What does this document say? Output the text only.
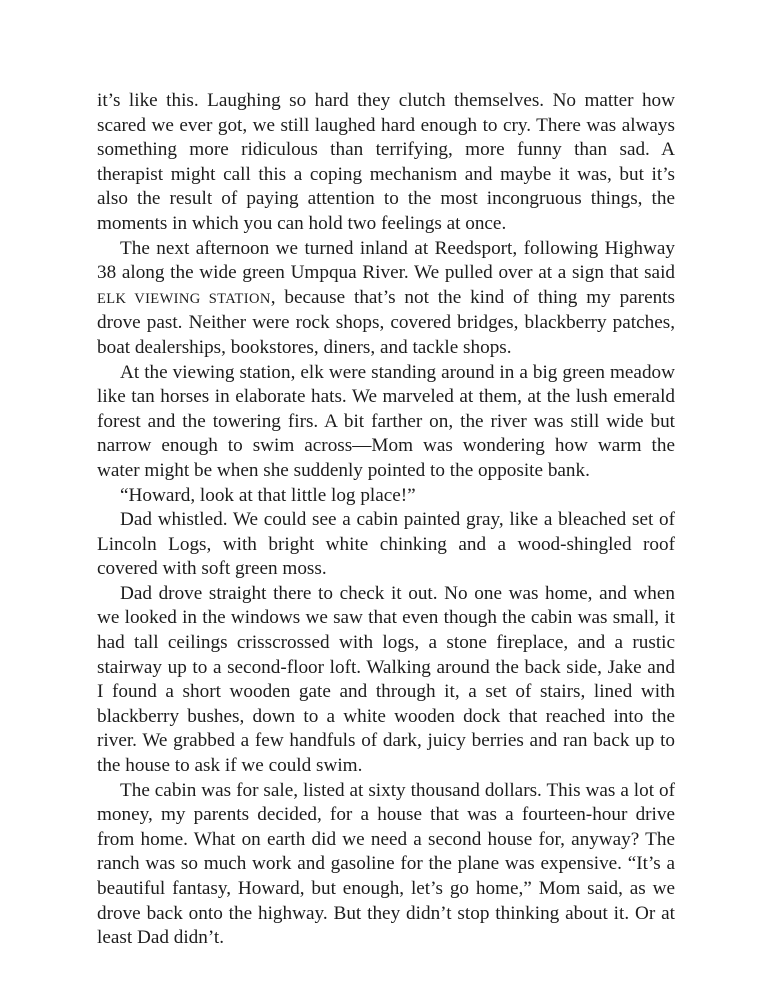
it’s like this. Laughing so hard they clutch themselves. No matter how scared we ever got, we still laughed hard enough to cry. There was always something more ridiculous than terrifying, more funny than sad. A therapist might call this a coping mechanism and maybe it was, but it’s also the result of paying attention to the most incongruous things, the moments in which you can hold two feelings at once.

The next afternoon we turned inland at Reedsport, following Highway 38 along the wide green Umpqua River. We pulled over at a sign that said ELK VIEWING STATION, because that’s not the kind of thing my parents drove past. Neither were rock shops, covered bridges, blackberry patches, boat dealerships, bookstores, diners, and tackle shops.

At the viewing station, elk were standing around in a big green meadow like tan horses in elaborate hats. We marveled at them, at the lush emerald forest and the towering firs. A bit farther on, the river was still wide but narrow enough to swim across—Mom was wondering how warm the water might be when she suddenly pointed to the opposite bank.

“Howard, look at that little log place!”

Dad whistled. We could see a cabin painted gray, like a bleached set of Lincoln Logs, with bright white chinking and a wood-shingled roof covered with soft green moss.

Dad drove straight there to check it out. No one was home, and when we looked in the windows we saw that even though the cabin was small, it had tall ceilings crisscrossed with logs, a stone fireplace, and a rustic stairway up to a second-floor loft. Walking around the back side, Jake and I found a short wooden gate and through it, a set of stairs, lined with blackberry bushes, down to a white wooden dock that reached into the river. We grabbed a few handfuls of dark, juicy berries and ran back up to the house to ask if we could swim.

The cabin was for sale, listed at sixty thousand dollars. This was a lot of money, my parents decided, for a house that was a fourteen-hour drive from home. What on earth did we need a second house for, anyway? The ranch was so much work and gasoline for the plane was expensive. “It’s a beautiful fantasy, Howard, but enough, let’s go home,” Mom said, as we drove back onto the highway. But they didn’t stop thinking about it. Or at least Dad didn’t.
